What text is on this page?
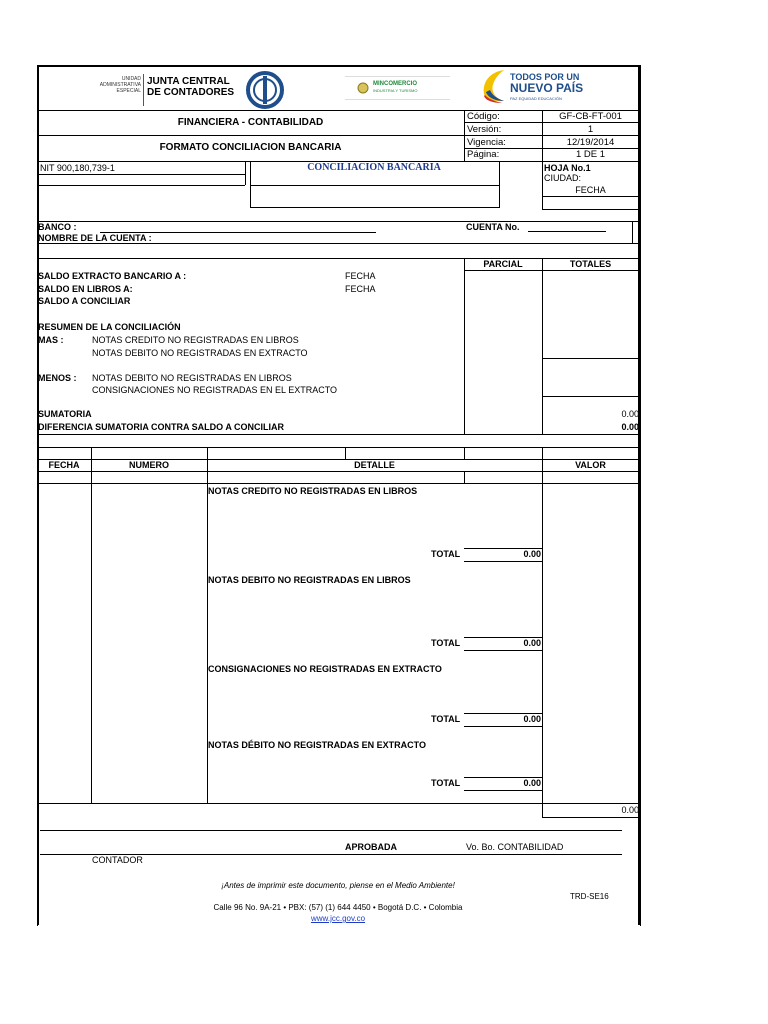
UNIDAD
ADMINISTRATIVA
ESPECIAL
JUNTA CENTRAL
DE CONTADORES
MINCOMERCIO
INDUSTRIA Y TURISMO
TODOS POR UN
NUEVO PAÍS
PAZ EQUIDAD EDUCACIÓN
FINANCIERA - CONTABILIDAD
FORMATO CONCILIACION BANCARIA
Código:	GF-CB-FT-001
Versión:	1
Vigencia:	12/19/2014
Página:	1 DE 1
NIT 900,180,739-1	CONCILIACION BANCARIA	HOJA No.1
CIUDAD:
FECHA
BANCO :
NOMBRE DE LA CUENTA :
CUENTA No.
PARCIAL	TOTALES
SALDO EXTRACTO BANCARIO A :	FECHA
SALDO EN LIBROS A:	FECHA
SALDO A CONCILIAR
RESUMEN DE LA CONCILIACIÓN
MAS :	NOTAS CREDITO NO REGISTRADAS EN LIBROS
NOTAS DEBITO NO REGISTRADAS EN EXTRACTO
MENOS : NOTAS DEBITO NO REGISTRADAS EN LIBROS
CONSIGNACIONES NO REGISTRADAS EN EL EXTRACTO
SUMATORIA	0.00
DIFERENCIA SUMATORIA CONTRA SALDO A CONCILIAR	0.00
FECHA	NUMERO	DETALLE	VALOR
NOTAS CREDITO NO REGISTRADAS EN LIBROS
TOTAL	0.00
NOTAS DEBITO NO REGISTRADAS EN LIBROS
TOTAL	0.00
CONSIGNACIONES NO REGISTRADAS EN EXTRACTO
TOTAL	0.00
NOTAS DÉBITO NO REGISTRADAS EN EXTRACTO
TOTAL	0.00
0.00
APROBADA	Vo. Bo. CONTABILIDAD
CONTADOR
¡Antes de imprimir este documento, piense en el Medio Ambiente!
TRD-SE16
Calle 96 No. 9A-21 • PBX: (57) (1) 644 4450 • Bogotá D.C. • Colombia
www.jcc.gov.co
